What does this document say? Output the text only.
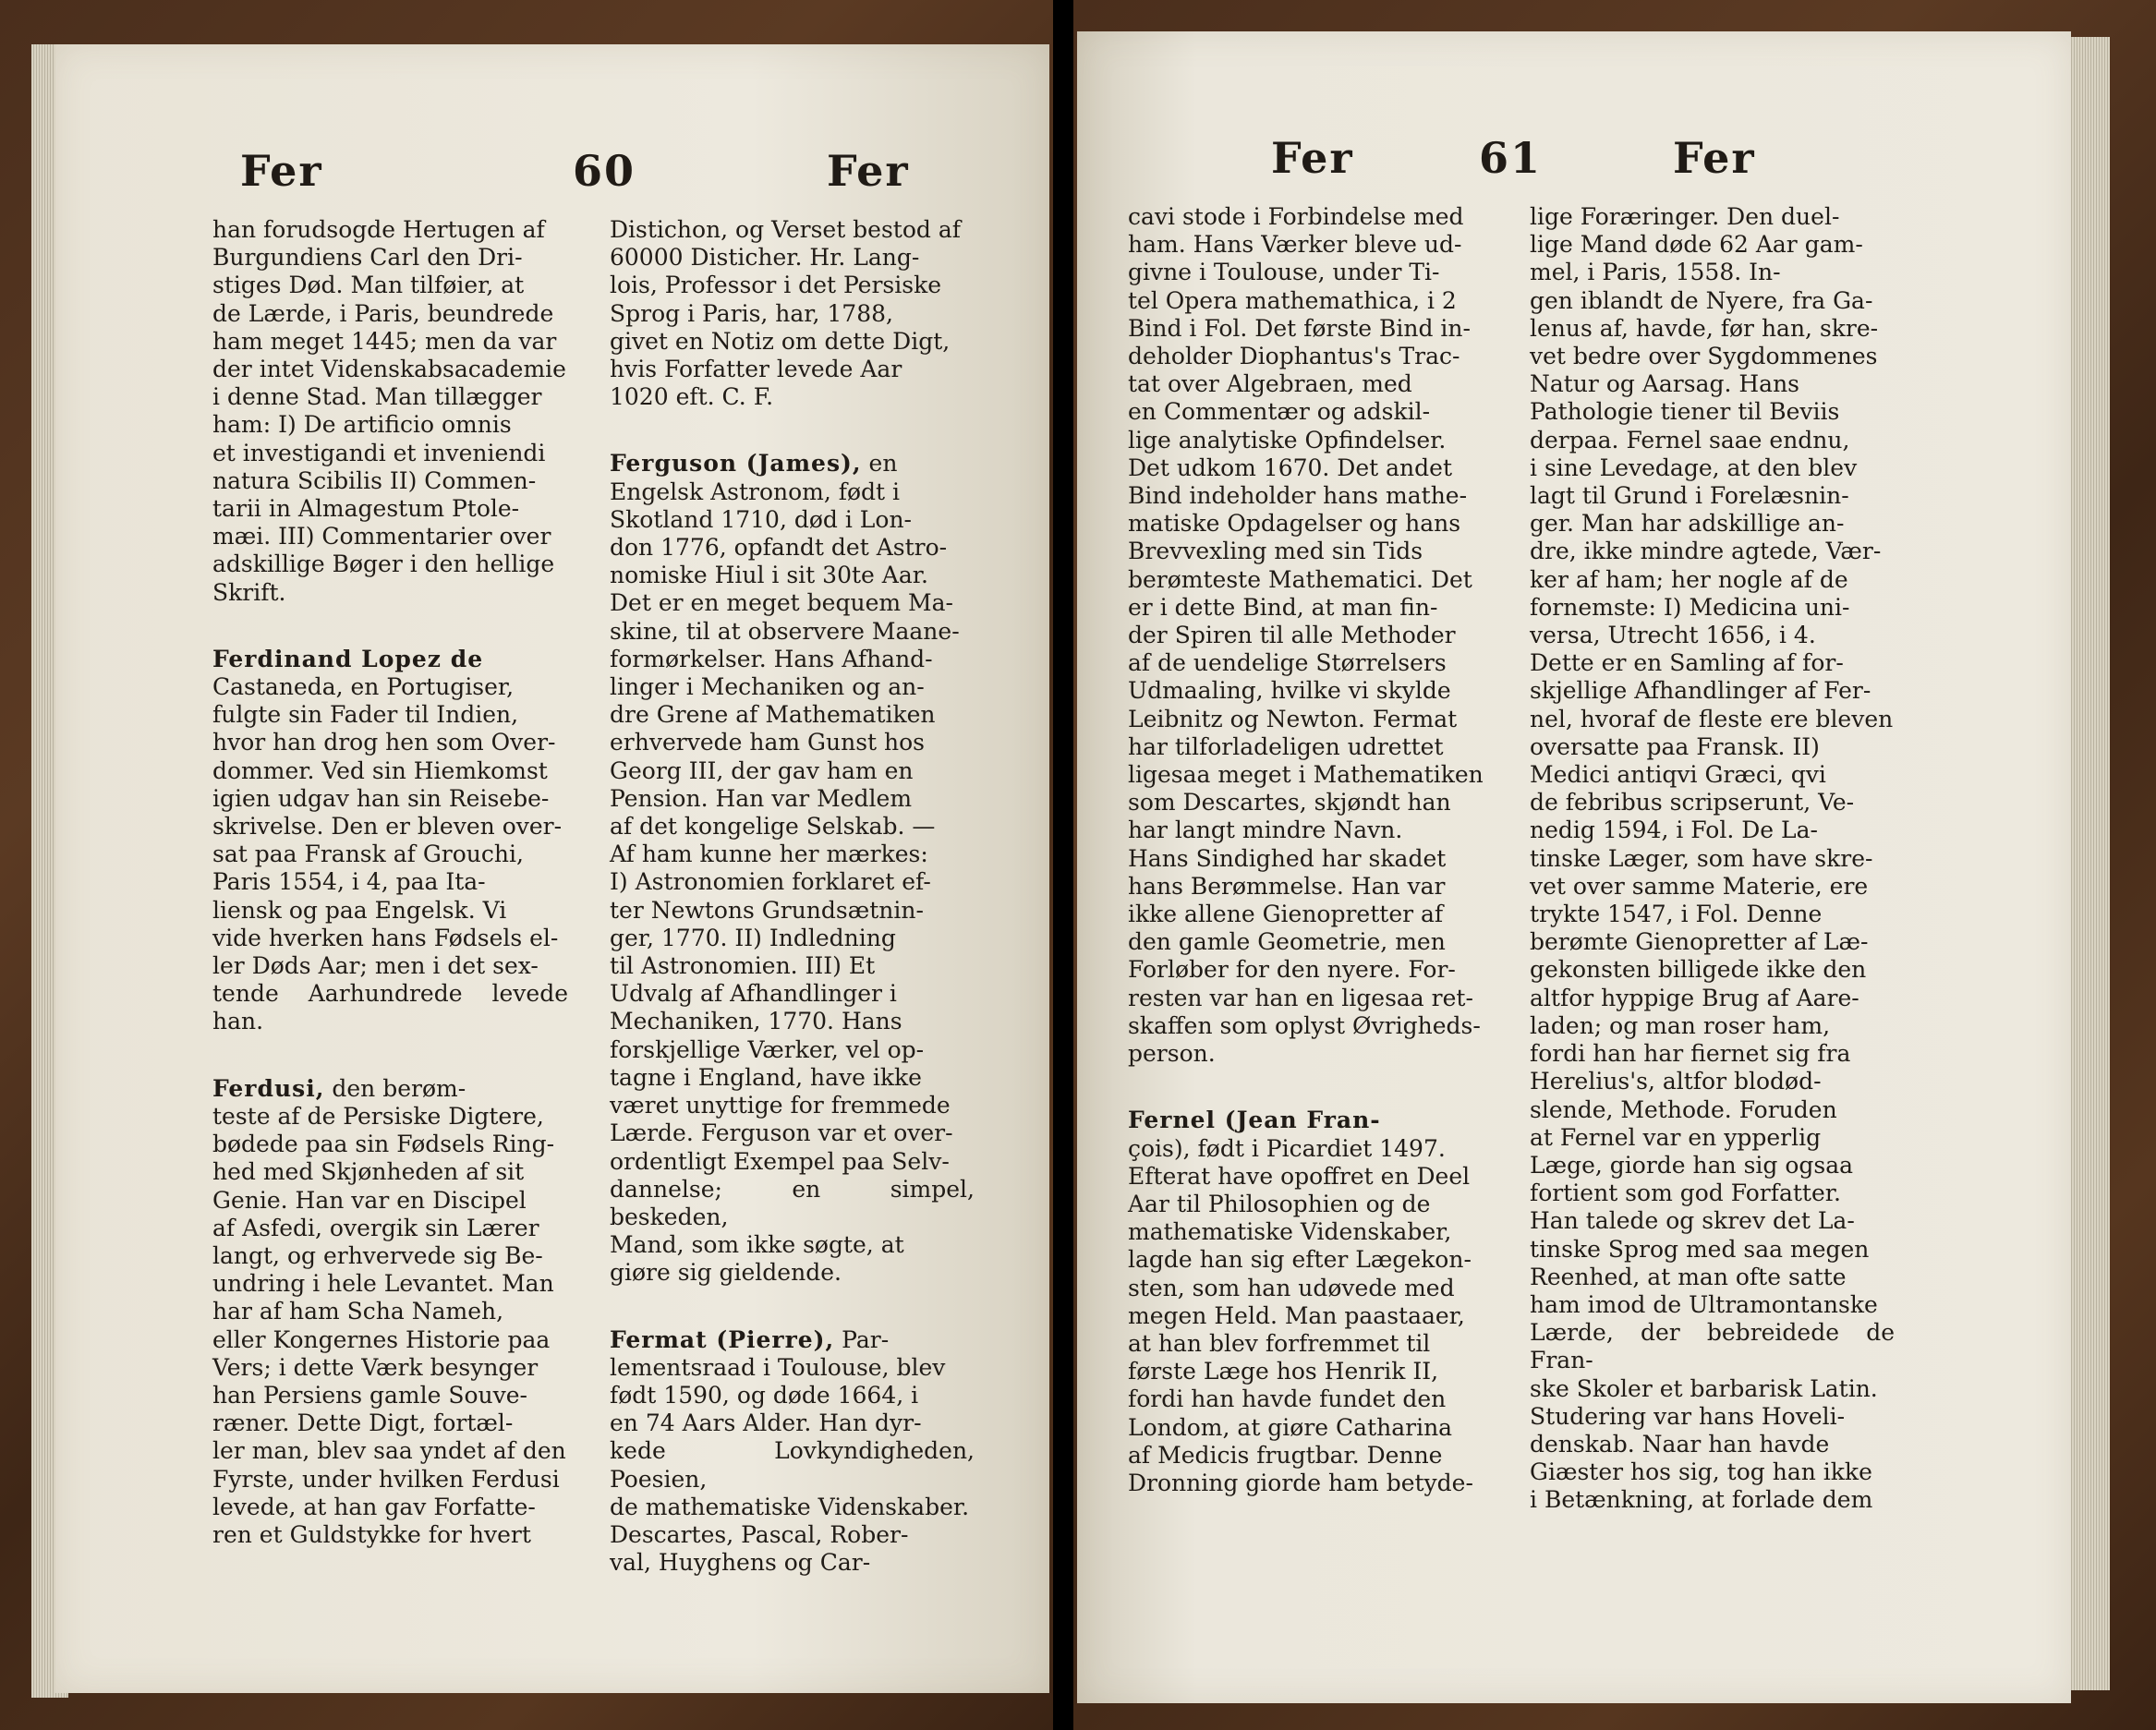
Fer	60	Fer

han forudsogde Hertugen af
Burgundiens Carl den Dri-
stiges Død. Man tilføier, at
de Lærde, i Paris, beundrede
ham meget 1445; men da var
der intet Videnskabsacademie
i denne Stad. Man tillægger
ham: I) De artificio omnis
et investigandi et inveniendi
natura Scibilis II) Commen-
tarii in Almagestum Ptole-
mæi. III) Commentarier over
adskillige Bøger i den hellige
Skrift.

Ferdinand Lopez de
Castaneda, en Portugiser,
fulgte sin Fader til Indien,
hvor han drog hen som Over-
dommer. Ved sin Hiemkomst
igien udgav han sin Reisebe-
skrivelse. Den er bleven over-
sat paa Fransk af Grouchi,
Paris 1554, i 4, paa Ita-
liensk og paa Engelsk. Vi
vide hverken hans Fødsels el-
ler Døds Aar; men i det sex-
tende Aarhundrede levede han.

Ferdusi, den berøm-
teste af de Persiske Digtere,
bødede paa sin Fødsels Ring-
hed med Skjønheden af sit
Genie. Han var en Discipel
af Asfedi, overgik sin Lærer
langt, og erhvervede sig Be-
undring i hele Levantet. Man
har af ham Scha Nameh,
eller Kongernes Historie paa
Vers; i dette Værk besynger
han Persiens gamle Souve-
ræner. Dette Digt, fortæl-
ler man, blev saa yndet af den
Fyrste, under hvilken Ferdusi
levede, at han gav Forfatte-
ren et Guldstykke for hvert

Distichon, og Verset bestod af
60000 Disticher. Hr. Lang-
lois, Professor i det Persiske
Sprog i Paris, har, 1788,
givet en Notiz om dette Digt,
hvis Forfatter levede Aar
1020 eft. C. F.

Ferguson (James), en
Engelsk Astronom, født i
Skotland 1710, død i Lon-
don 1776, opfandt det Astro-
nomiske Hiul i sit 30te Aar.
Det er en meget bequem Ma-
skine, til at observere Maane-
formørkelser. Hans Afhand-
linger i Mechaniken og an-
dre Grene af Mathematiken
erhvervede ham Gunst hos
Georg III, der gav ham en
Pension. Han var Medlem
af det kongelige Selskab. —
Af ham kunne her mærkes:
I) Astronomien forklaret ef-
ter Newtons Grundsætnin-
ger, 1770. II) Indledning
til Astronomien. III) Et
Udvalg af Afhandlinger i
Mechaniken, 1770. Hans
forskjellige Værker, vel op-
tagne i England, have ikke
været unyttige for fremmede
Lærde. Ferguson var et over-
ordentligt Exempel paa Selv-
dannelse; en simpel, beskeden,
Mand, som ikke søgte, at
giøre sig gieldende.

Fermat (Pierre), Par-
lementsraad i Toulouse, blev
født 1590, og døde 1664, i
en 74 Aars Alder. Han dyr-
kede Lovkyndigheden, Poesien,
de mathematiske Videnskaber.
Descartes, Pascal, Rober-
val, Huyghens og Car-

Fer	61	Fer

cavi stode i Forbindelse med
ham. Hans Værker bleve ud-
givne i Toulouse, under Ti-
tel Opera mathemathica, i 2
Bind i Fol. Det første Bind in-
deholder Diophantus's Trac-
tat over Algebraen, med
en Commentær og adskil-
lige analytiske Opfindelser.
Det udkom 1670. Det andet
Bind indeholder hans mathe-
matiske Opdagelser og hans
Brevvexling med sin Tids
berømteste Mathematici. Det
er i dette Bind, at man fin-
der Spiren til alle Methoder
af de uendelige Størrelsers
Udmaaling, hvilke vi skylde
Leibnitz og Newton. Fermat
har tilforladeligen udrettet
ligesaa meget i Mathematiken
som Descartes, skjøndt han
har langt mindre Navn.
Hans Sindighed har skadet
hans Berømmelse. Han var
ikke allene Gienopretter af
den gamle Geometrie, men
Forløber for den nyere. For-
resten var han en ligesaa ret-
skaffen som oplyst Øvrigheds-
person.

Fernel (Jean Fran-
çois), født i Picardiet 1497.
Efterat have opoffret en Deel
Aar til Philosophien og de
mathematiske Videnskaber,
lagde han sig efter Lægekon-
sten, som han udøvede med
megen Held. Man paastaaer,
at han blev forfremmet til
første Læge hos Henrik II,
fordi han havde fundet den
Londom, at giøre Catharina
af Medicis frugtbar. Denne
Dronning giorde ham betyde-

lige Foræringer. Den duel-
lige Mand døde 62 Aar gam-
mel, i Paris, 1558. In-
gen iblandt de Nyere, fra Ga-
lenus af, havde, før han, skre-
vet bedre over Sygdommenes
Natur og Aarsag. Hans
Pathologie tiener til Beviis
derpaa. Fernel saae endnu,
i sine Levedage, at den blev
lagt til Grund i Forelæsnin-
ger. Man har adskillige an-
dre, ikke mindre agtede, Vær-
ker af ham; her nogle af de
fornemste: I) Medicina uni-
versa, Utrecht 1656, i 4.
Dette er en Samling af for-
skjellige Afhandlinger af Fer-
nel, hvoraf de fleste ere bleven
oversatte paa Fransk. II)
Medici antiqvi Græci, qvi
de febribus scripserunt, Ve-
nedig 1594, i Fol. De La-
tinske Læger, som have skre-
vet over samme Materie, ere
trykte 1547, i Fol. Denne
berømte Gienopretter af Læ-
gekonsten billigede ikke den
altfor hyppige Brug af Aare-
laden; og man roser ham,
fordi han har fiernet sig fra
Herelius's, altfor blodød-
slende, Methode. Foruden
at Fernel var en ypperlig
Læge, giorde han sig ogsaa
fortient som god Forfatter.
Han talede og skrev det La-
tinske Sprog med saa megen
Reenhed, at man ofte satte
ham imod de Ultramontanske
Lærde, der bebreidede de Fran-
ske Skoler et barbarisk Latin.
Studering var hans Hoveli-
denskab. Naar han havde
Giæster hos sig, tog han ikke
i Betænkning, at forlade dem
